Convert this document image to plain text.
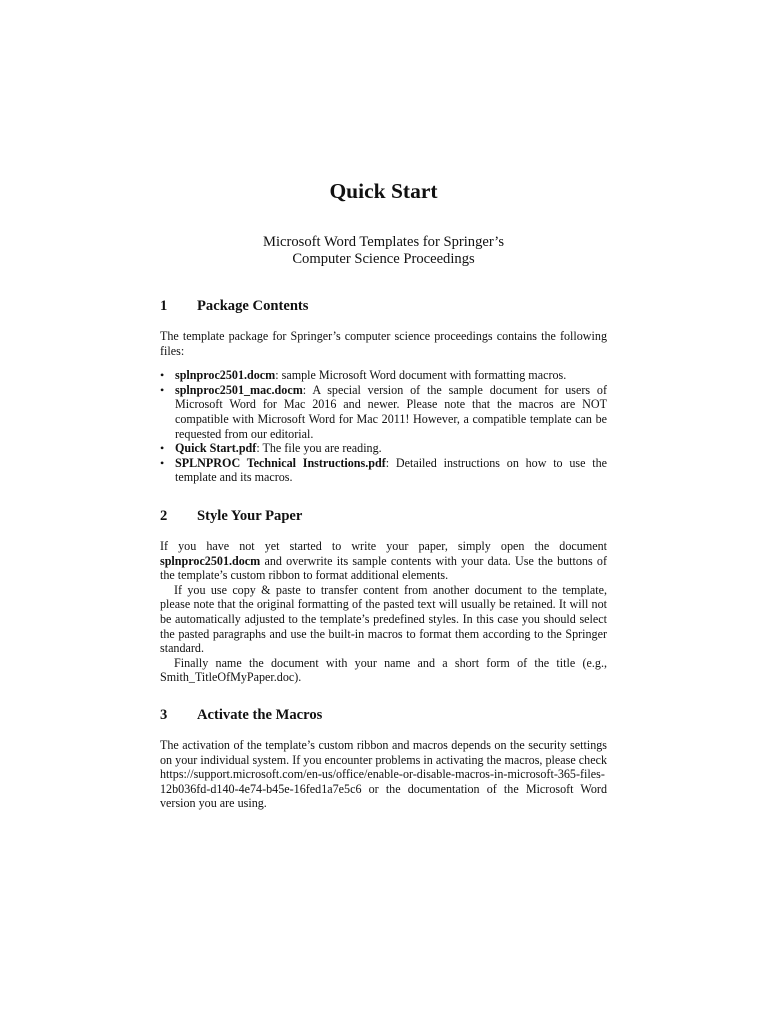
Quick Start
Microsoft Word Templates for Springer’s
Computer Science Proceedings
1 Package Contents

The template package for Springer’s computer science proceedings contains the following files:

• splnproc2501.docm: sample Microsoft Word document with formatting macros.
• splnproc2501_mac.docm: A special version of the sample document for users of Microsoft Word for Mac 2016 and newer. Please note that the macros are NOT compatible with Microsoft Word for Mac 2011! However, a compatible template can be requested from our editorial.
• Quick Start.pdf: The file you are reading.
• SPLNPROC Technical Instructions.pdf: Detailed instructions on how to use the template and its macros.
2 Style Your Paper

If you have not yet started to write your paper, simply open the document splnproc2501.docm and overwrite its sample contents with your data. Use the buttons of the template’s custom ribbon to format additional elements.

If you use copy & paste to transfer content from another document to the template, please note that the original formatting of the pasted text will usually be retained. It will not be automatically adjusted to the template’s predefined styles. In this case you should select the pasted paragraphs and use the built-in macros to format them according to the Springer standard.

Finally name the document with your name and a short form of the title (e.g., Smith_TitleOfMyPaper.doc).

3 Activate the Macros

The activation of the template’s custom ribbon and macros depends on the security settings on your individual system. If you encounter problems in activating the macros, please check https://support.microsoft.com/en-us/office/enable-or-disable-macros-in-microsoft-365-files-12b036fd-d140-4e74-b45e-16fed1a7e5c6 or the documentation of the Microsoft Word version you are using.
